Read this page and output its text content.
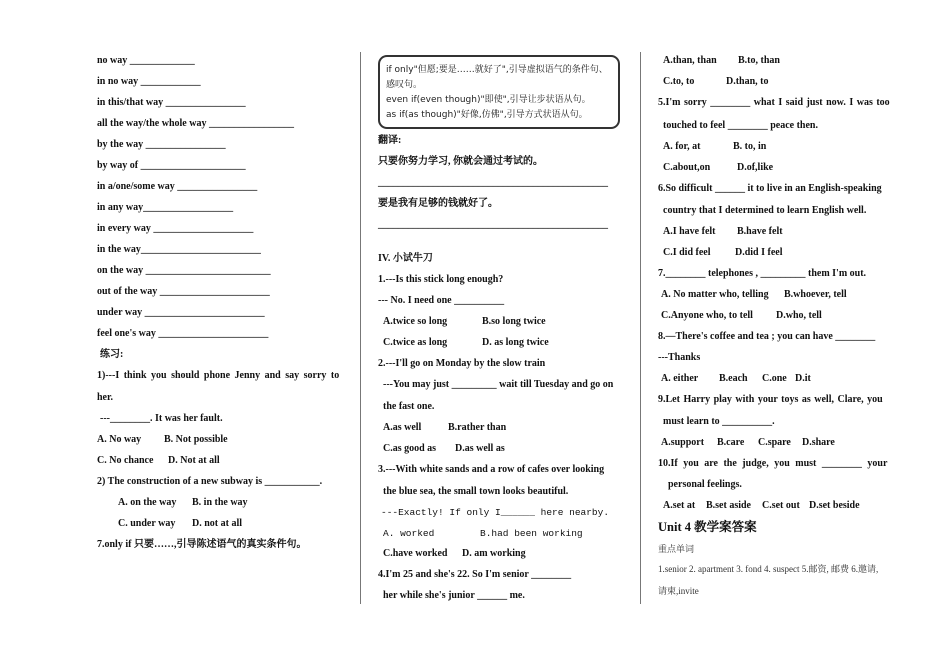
no way _____________
in no way ____________
in this/that way ________________
all the way/the whole way _________________
by the way ________________
by way of _____________________
in a/one/some way ________________
in any way__________________
in every way ____________________
in the way________________________
on the way _________________________
out of the way ______________________
under way ________________________
feel one's way ______________________
练习:
1)---I think you should phone Jenny and say sorry to
her.
---________. It was her fault.
A. No way B. Not possible
C. No chance D. Not at all
2) The construction of a new subway is ___________.
A. on the way B. in the way
C. under way D. not at all
7.only if 只要……,引导陈述语气的真实条件句。
if only"但愿;要是……就好了",引导虚拟语气的条件句、
感叹句。
even if(even though)"即使",引导让步状语从句。
as if(as though)"好像,仿佛",引导方式状语从句。
翻译:
只要你努力学习, 你就会通过考试的。
______________________________________________
要是我有足够的钱就好了。
______________________________________________
IV. 小试牛刀
1.---Is this stick long enough?
--- No. I need one __________
A.twice so long	B.so long twice
C.twice as long	D. as long twice
2.---I'll go on Monday by the slow train
---You may just _________ wait till Tuesday and go on
the fast one.
A.as well	B.rather than
C.as good as D.as well as
3.---With white sands and a row of cafes over looking
the blue sea, the small town looks beautiful.
---Exactly! If only I______ here nearby.
A. worked	B.had been working
C.have worked D. am working
4.I'm 25 and she's 22. So I'm senior ________
her while she's junior ______ me.
A.than, than B.to, than
C.to, to	D.than, to
5.I'm sorry ________ what I said just now. I was too
touched to feel ________ peace then.
A. for, at	B. to, in
C.about,on	D.of,like
6.So difficult ______ it to live in an English-speaking
country that I determined to learn English well.
A.I have felt B.have felt
C.I did feel D.did I feel
7.________ telephones , _________ them I'm out.
A. No matter who, telling B.whoever, tell
C.Anyone who, to tell D.who, tell
8.—There's coffee and tea ; you can have ________
---Thanks
A. either B.each C.one D.it
9.Let Harry play with your toys as well, Clare, you
must learn to __________.
A.support B.care C.spare D.share
10.If you are the judge, you must ________ your
personal feelings.
A.set at B.set aside C.set out D.set beside
Unit 4 教学案答案
重点单词
1.senior 2. apartment 3. fond 4. suspect 5.邮资, 邮费 6.邀请,
请柬,invite
